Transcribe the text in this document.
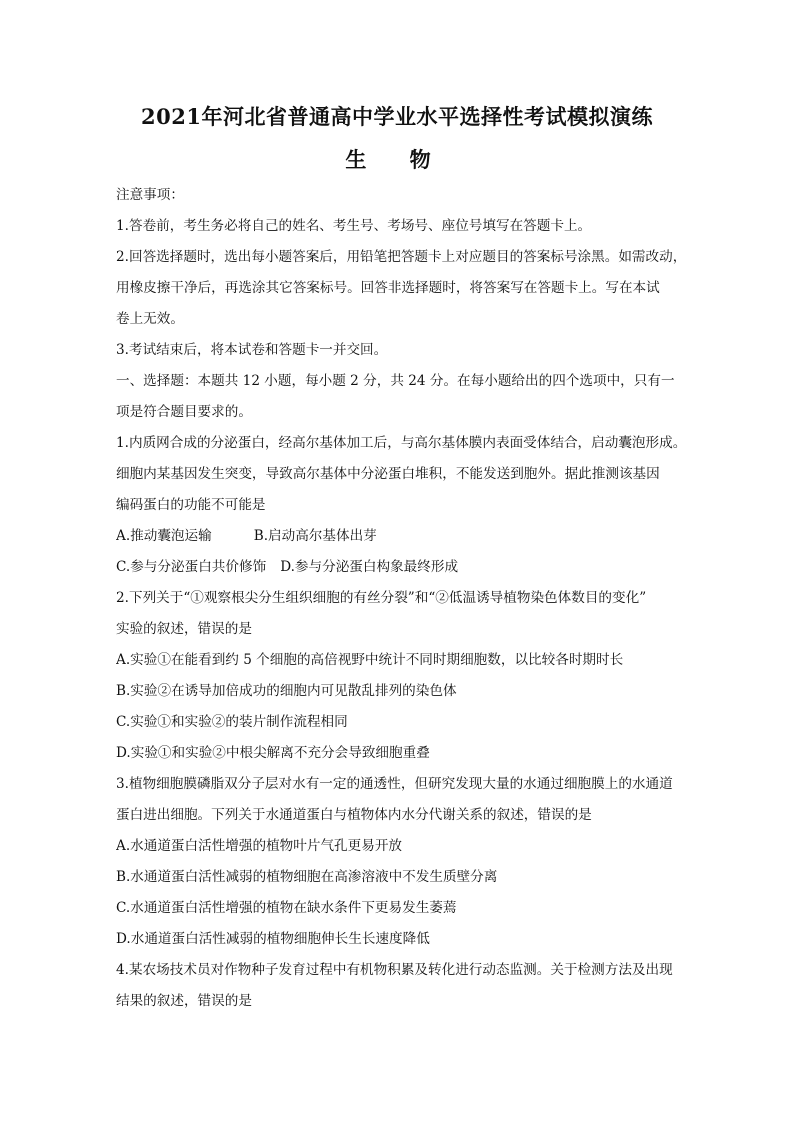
2021年河北省普通高中学业水平选择性考试模拟演练
生 物
注意事项：
1.答卷前，考生务必将自己的姓名、考生号、考场号、座位号填写在答题卡上。
2.回答选择题时，选出每小题答案后，用铅笔把答题卡上对应题目的答案标号涂黑。如需改动，
用橡皮擦干净后，再选涂其它答案标号。回答非选择题时，将答案写在答题卡上。写在本试
卷上无效。
3.考试结束后，将本试卷和答题卡一并交回。
一、选择题：本题共 12 小题，每小题 2 分，共 24 分。在每小题给出的四个选项中，只有一
项是符合题目要求的。
1.内质网合成的分泌蛋白，经高尔基体加工后，与高尔基体膜内表面受体结合，启动囊泡形成。
细胞内某基因发生突变，导致高尔基体中分泌蛋白堆积，不能发送到胞外。据此推测该基因
编码蛋白的功能不可能是
A.推动囊泡运输	B.启动高尔基体出芽
C.参与分泌蛋白共价修饰 D.参与分泌蛋白构象最终形成
2.下列关于“①观察根尖分生组织细胞的有丝分裂”和“②低温诱导植物染色体数目的变化”
实验的叙述，错误的是
A.实验①在能看到约 5 个细胞的高倍视野中统计不同时期细胞数，以比较各时期时长
B.实验②在诱导加倍成功的细胞内可见散乱排列的染色体
C.实验①和实验②的装片制作流程相同
D.实验①和实验②中根尖解离不充分会导致细胞重叠
3.植物细胞膜磷脂双分子层对水有一定的通透性，但研究发现大量的水通过细胞膜上的水通道
蛋白进出细胞。下列关于水通道蛋白与植物体内水分代谢关系的叙述，错误的是
A.水通道蛋白活性增强的植物叶片气孔更易开放
B.水通道蛋白活性减弱的植物细胞在高渗溶液中不发生质壁分离
C.水通道蛋白活性增强的植物在缺水条件下更易发生萎蔫
D.水通道蛋白活性减弱的植物细胞伸长生长速度降低
4.某农场技术员对作物种子发育过程中有机物积累及转化进行动态监测。关于检测方法及出现
结果的叙述，错误的是
